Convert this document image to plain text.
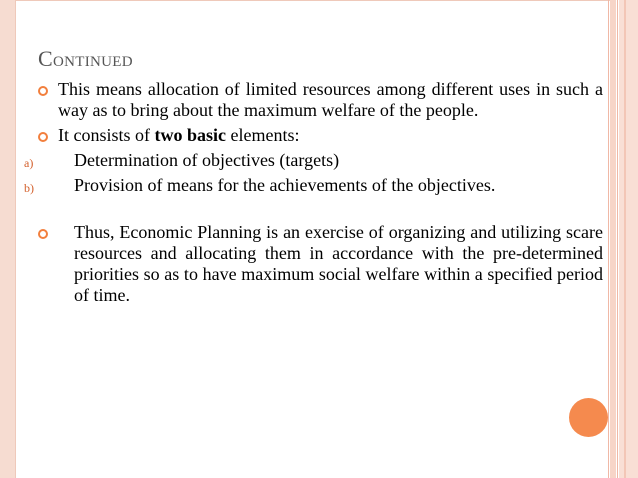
Continued
This means allocation of limited resources among different uses in such a way as to bring about the maximum welfare of the people.
It consists of two basic elements:
a) Determination of objectives (targets)
b) Provision of means for the achievements of the objectives.
Thus, Economic Planning is an exercise of organizing and utilizing scare resources and allocating them in accordance with the pre-determined priorities so as to have maximum social welfare within a specified period of time.
